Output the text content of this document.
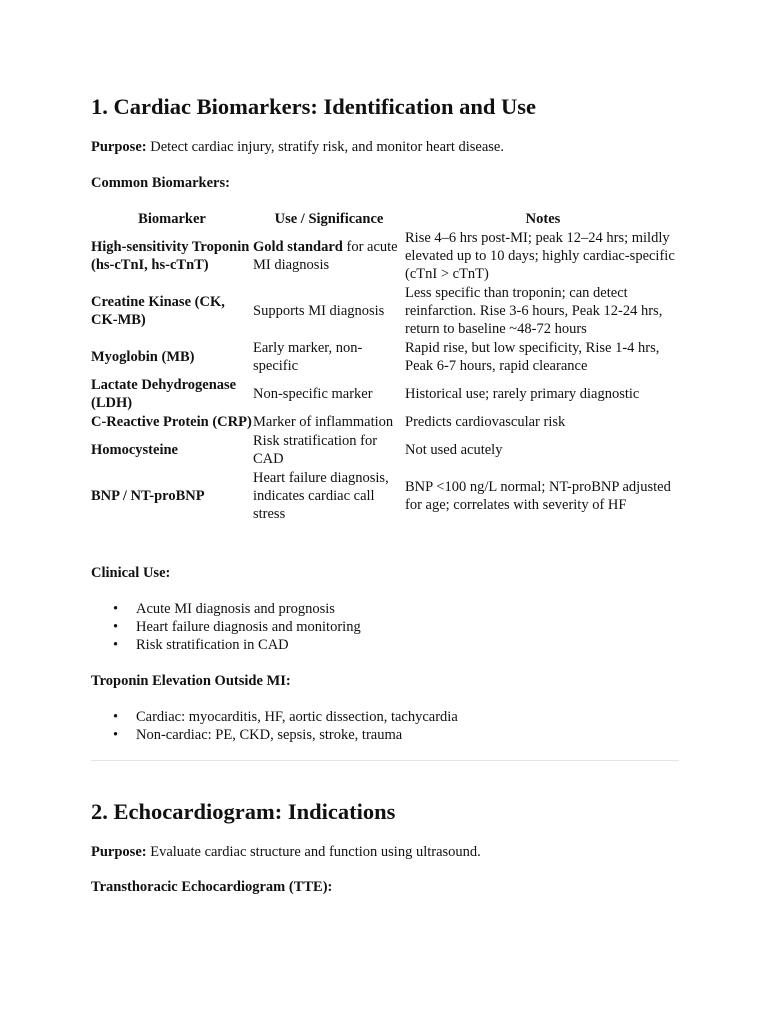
1. Cardiac Biomarkers: Identification and Use

Purpose: Detect cardiac injury, stratify risk, and monitor heart disease.

Common Biomarkers:

Biomarker	Use / Significance	Notes
High-sensitivity Troponin (hs-cTnI, hs-cTnT)	Gold standard for acute MI diagnosis	Rise 4–6 hrs post-MI; peak 12–24 hrs; mildly elevated up to 10 days; highly cardiac-specific (cTnI > cTnT)
Creatine Kinase (CK, CK-MB)	Supports MI diagnosis	Less specific than troponin; can detect reinfarction. Rise 3-6 hours, Peak 12-24 hrs, return to baseline ~48-72 hours
Myoglobin (MB)	Early marker, non-specific	Rapid rise, but low specificity, Rise 1-4 hrs, Peak 6-7 hours, rapid clearance
Lactate Dehydrogenase (LDH)	Non-specific marker	Historical use; rarely primary diagnostic
C-Reactive Protein (CRP)	Marker of inflammation	Predicts cardiovascular risk
Homocysteine	Risk stratification for CAD	Not used acutely
BNP / NT-proBNP	Heart failure diagnosis, indicates cardiac call stress	BNP <100 ng/L normal; NT-proBNP adjusted for age; correlates with severity of HF

Clinical Use:

• Acute MI diagnosis and prognosis
• Heart failure diagnosis and monitoring
• Risk stratification in CAD

Troponin Elevation Outside MI:

• Cardiac: myocarditis, HF, aortic dissection, tachycardia
• Non-cardiac: PE, CKD, sepsis, stroke, trauma
2. Echocardiogram: Indications

Purpose: Evaluate cardiac structure and function using ultrasound.

Transthoracic Echocardiogram (TTE):
